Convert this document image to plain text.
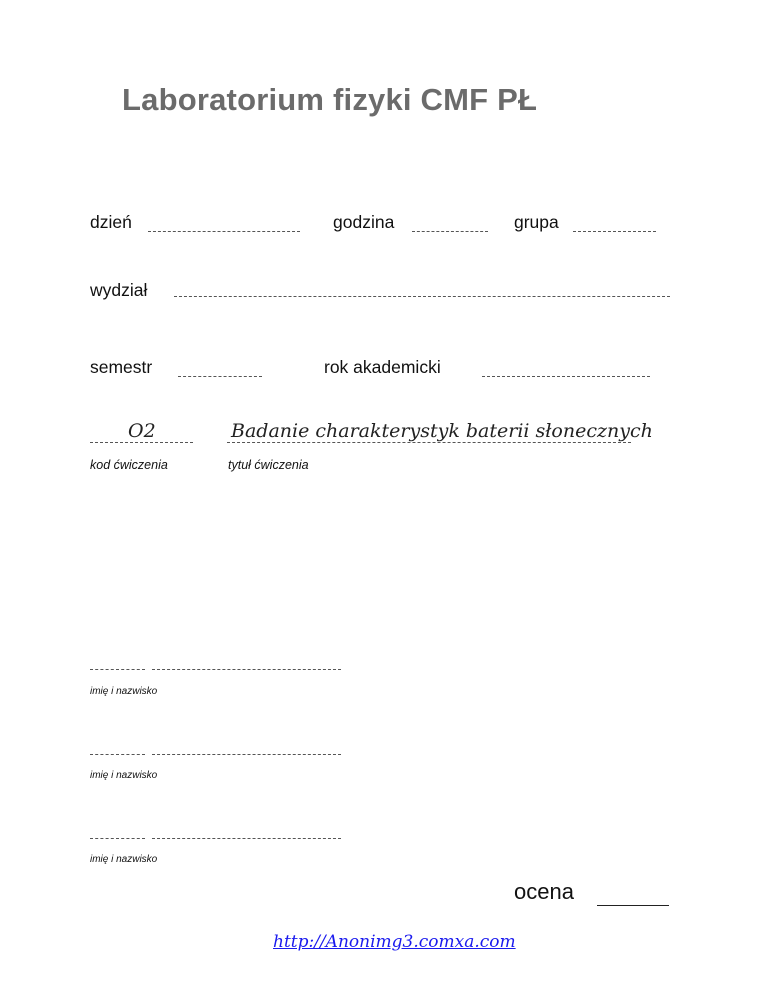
Laboratorium fizyki CMF PŁ
dzień	godzina	grupa
wydział
semestr	rok akademicki
O2	Badanie charakterystyk baterii słonecznych
kod ćwiczenia	tytuł ćwiczenia
imię i nazwisko
imię i nazwisko
imię i nazwisko
ocena
http://Anonimg3.comxa.com
